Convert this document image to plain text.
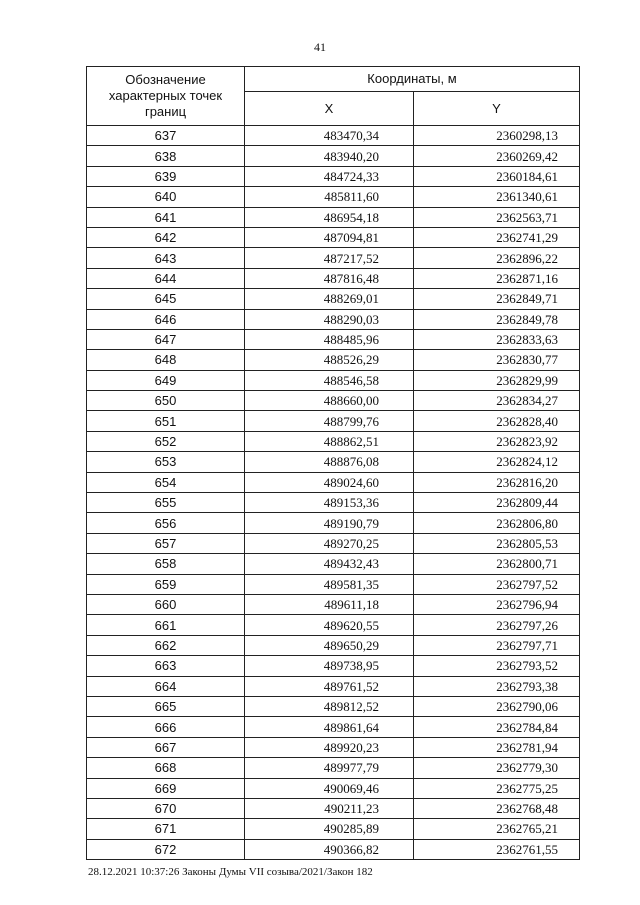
41
Обозначение
характерных точек
границ	Координаты, м	
	X	Y
637	483470,34	2360298,13
638	483940,20	2360269,42
639	484724,33	2360184,61
640	485811,60	2361340,61
641	486954,18	2362563,71
642	487094,81	2362741,29
643	487217,52	2362896,22
644	487816,48	2362871,16
645	488269,01	2362849,71
646	488290,03	2362849,78
647	488485,96	2362833,63
648	488526,29	2362830,77
649	488546,58	2362829,99
650	488660,00	2362834,27
651	488799,76	2362828,40
652	488862,51	2362823,92
653	488876,08	2362824,12
654	489024,60	2362816,20
655	489153,36	2362809,44
656	489190,79	2362806,80
657	489270,25	2362805,53
658	489432,43	2362800,71
659	489581,35	2362797,52
660	489611,18	2362796,94
661	489620,55	2362797,26
662	489650,29	2362797,71
663	489738,95	2362793,52
664	489761,52	2362793,38
665	489812,52	2362790,06
666	489861,64	2362784,84
667	489920,23	2362781,94
668	489977,79	2362779,30
669	490069,46	2362775,25
670	490211,23	2362768,48
671	490285,89	2362765,21
672	490366,82	2362761,55
28.12.2021 10:37:26 Законы Думы VII созыва/2021/Закон 182
